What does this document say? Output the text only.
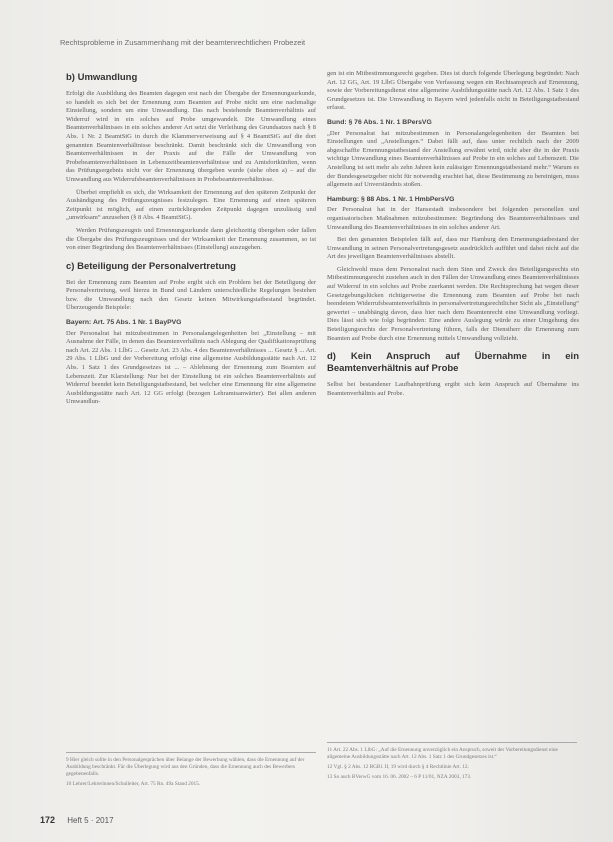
Rechtsprobleme in Zusammenhang mit der beamtenrechtlichen Probezeit
b) Umwandlung

Erfolgt die Ausbildung des Beamten dagegen erst nach der Übergabe der Ernennungsurkunde, so handelt es sich bei der Ernennung zum Beamten auf Probe nicht um eine nachmalige Einstellung, sondern um eine Umwandlung. Das nach bestehende Beamtenverhältnis auf Widerruf wird in ein solches auf Probe umgewandelt. Die Umwandlung eines Beamtenverhältnisses in ein solches anderer Art setzt die Verleihung des Grundsatzes nach § 8 Abs. 1 Nr. 2 BeamtStG in durch die Klammerverweisung auf § 4 BeamtStG auf die dort genannten Beamtenverhältnisse beschränkt. Damit beschränkt sich die Umwandlung von Beamtenverhältnissen in der Praxis auf die Fälle der Umwandlung von Probebeamtenverhältnissen in Lebenszeitbeamtenverhältnisse und zu Amtsfortkünften, wenn das Prüfungsergebnis nicht vor der Ernennung übergeben wurde (siehe oben a) – auf die Umwandlung aus Widerrufsbeamtenverhältnissen in Probebeamtenverhältnisse.

Überbei empfiehlt es sich, die Wirksamkeit der Ernennung auf den späteren Zeitpunkt der Aushändigung des Prüfungszeugnisses festzulegen. Eine Ernennung auf einen späteren Zeitpunkt ist möglich, auf einen zurückliegenden Zeitpunkt dagegen unzulässig und „unwirksam“ anzusehen (§ 8 Abs. 4 BeamtStG).

Werden Prüfungszeugnis und Ernennungsurkunde dann gleichzeitig übergeben oder fallen die Übergabe des Prüfungszeugnisses und der Wirksamkeit der Ernennung zusammen, so ist von einer Begründung des Beamtenverhältnisses (Einstellung) auszugehen.

c) Beteiligung der Personalvertretung

Bei der Ernennung zum Beamten auf Probe ergibt sich ein Problem bei der Beteiligung der Personalvertretung, weil hierzu in Bund und Ländern unterschiedliche Regelungen bestehen bzw. die Umwandlung nach den Gesetz keinen Mitwirkungstatbestand begründet. Überzeugende Beispiele:

Bayern: Art. 75 Abs. 1 Nr. 1 BayPVG

Der Personalrat hat mitzubestimmen in Personalangelegenheiten bei „Einstellung – mit Ausnahme der Fälle, in denen das Beamtenverhältnis nach Ablegung der Qualifikationsprüfung nach Art. 22 Abs. 1 LlbG ... Gesetz Art. 23 Abs. 4 des Beamtenverhältnisses ... Gesetz § ... Art. 29 Abs. 1 LlbG und der Vorbereitung erfolgt eine allgemeine Ausbildungsstätte nach Art. 12 Abs. 1 Satz 1 des Grundgesetzes ist ... – Ablehnung der Ernennung zum Beamten auf Lebenszeit. Zur Klarstellung: Nur bei der Einstellung ist ein solches Beamtenverhältnis auf Widerruf beendet kein Beteiligungstatbestand, bei welcher eine Ernennung für eine allgemeine Ausbildungsstätte nach Art. 12 GG erfolgt (bezogen Lehramtsanwärter). Bei allen anderen Umwandlun-

gen ist ein Mitbestimmungsrecht gegeben. Dies ist durch folgende Überlegung begründet: Nach Art. 12 GG, Art. 19 LlbG Übergabe von Verfassung wegen ein Rechtsanspruch auf Ernennung, sowie der Vorbereitungsdienst eine allgemeine Ausbildungsstätte nach Art. 12 Abs. 1 Satz 1 des Grundgesetzes ist. Die Umwandlung in Bayern wird jedenfalls nicht in Beteiligungstatbestand erfasst.

Bund: § 76 Abs. 1 Nr. 1 BPersVG

„Der Personalrat hat mitzubestimmen in Personalangelegenheiten der Beamten bei Einstellungen und „Anstellungen.“ Dabei fällt auf, dass unter rechtlich nach der 2009 abgeschaffte Ernennungstatbestand der Anstellung erwähnt wird, nicht aber die in der Praxis wichtige Umwandlung eines Beamtenverhältnisses auf Probe in ein solches auf Lebenszeit. Die Anstellung ist seit mehr als zehn Jahren kein zulässiger Ernennungstatbestand mehr.“ Warum es der Bundesgesetzgeber nicht für notwendig erachtet hat, diese Bestimmung zu bereinigen, muss allgemein auf Unverständnis stoßen.

Hamburg: § 88 Abs. 1 Nr. 1 HmbPersVG

Der Personalrat hat in der Hansestadt insbesondere bei folgenden personellen und organisatorischen Maßnahmen mitzubestimmen: Begründung des Beamtenverhältnisses und Umwandlung des Beamtenverhältnisses in ein solches anderer Art.

Bei den genannten Beispielen fällt auf, dass nur Hamburg den Ernennungstatbestand der Umwandlung in seinen Personalvertretungsgesetz ausdrücklich aufführt und dabei nicht auf die Art des jeweiligen Beamtenverhältnisses abstellt.

Gleichwohl muss dem Personalrat nach dem Sinn und Zweck des Beteiligungsrechts ein Mitbestimmungsrecht zustehen auch in den Fällen der Umwandlung eines Beamtenverhältnisses auf Widerruf in ein solches auf Probe zuerkannt werden. Die Rechtsprechung hat wegen dieser Gesetzgebungslücken richtigerweise die Ernennung zum Beamten auf Probe bei nach beendetem Widerrufsbeamtenverhältnis in personalvertretungsrechtlicher Sicht als „Einstellung“ gewertet – unabhängig davon, dass hier nach dem Beamtenrecht eine Umwandlung vorliegt. Dies lässt sich wie folgt begründen: Eine andere Auslegung würde zu einer Umgehung des Beteiligungsrechts der Personalvertretung führen, falls der Dienstherr die Ernennung zum Beamten auf Probe durch eine Ernennung mittels Umwandlung vollzieht.

d) Kein Anspruch auf Übernahme in ein Beamtenverhältnis auf Probe

Selbst bei bestandener Laufbahnprüfung ergibt sich kein Anspruch auf Übernahme ins Beamtenverhältnis auf Probe.

9 Hier gleich sollte in den Personalgesprächen über Belange der Bewerbung wählen, dass die Ernennung auf der Ausbildung beschränkt. Für die Überlegung wird aus den Gründen, dass die Ernennung auch des Bewerbers gegebenenfalls.
10 Lehrer/Lehrerinnen/Schulleiter, Art. 75 Rn. 49a Stand 2015.
11 Art. 22 Abs. 1 LlbG: „Auf die Ernennung unverzüglich ein Anspruch, soweit der Vorbereitungsdienst eine allgemeine Ausbildungsstätte nach Art. 12 Abs. 1 Satz 1 des Grundgesetzes ist.“
12 Vgl. § 2 Abs. 12 BGBl. II, 19 wird durch § 4 Rechtlinie Art. 12.
13 So auch BVerwG vom 16. 06. 2002 – 6 P 11/01, NZA 2003, 173.
172 Heft 5 · 2017
